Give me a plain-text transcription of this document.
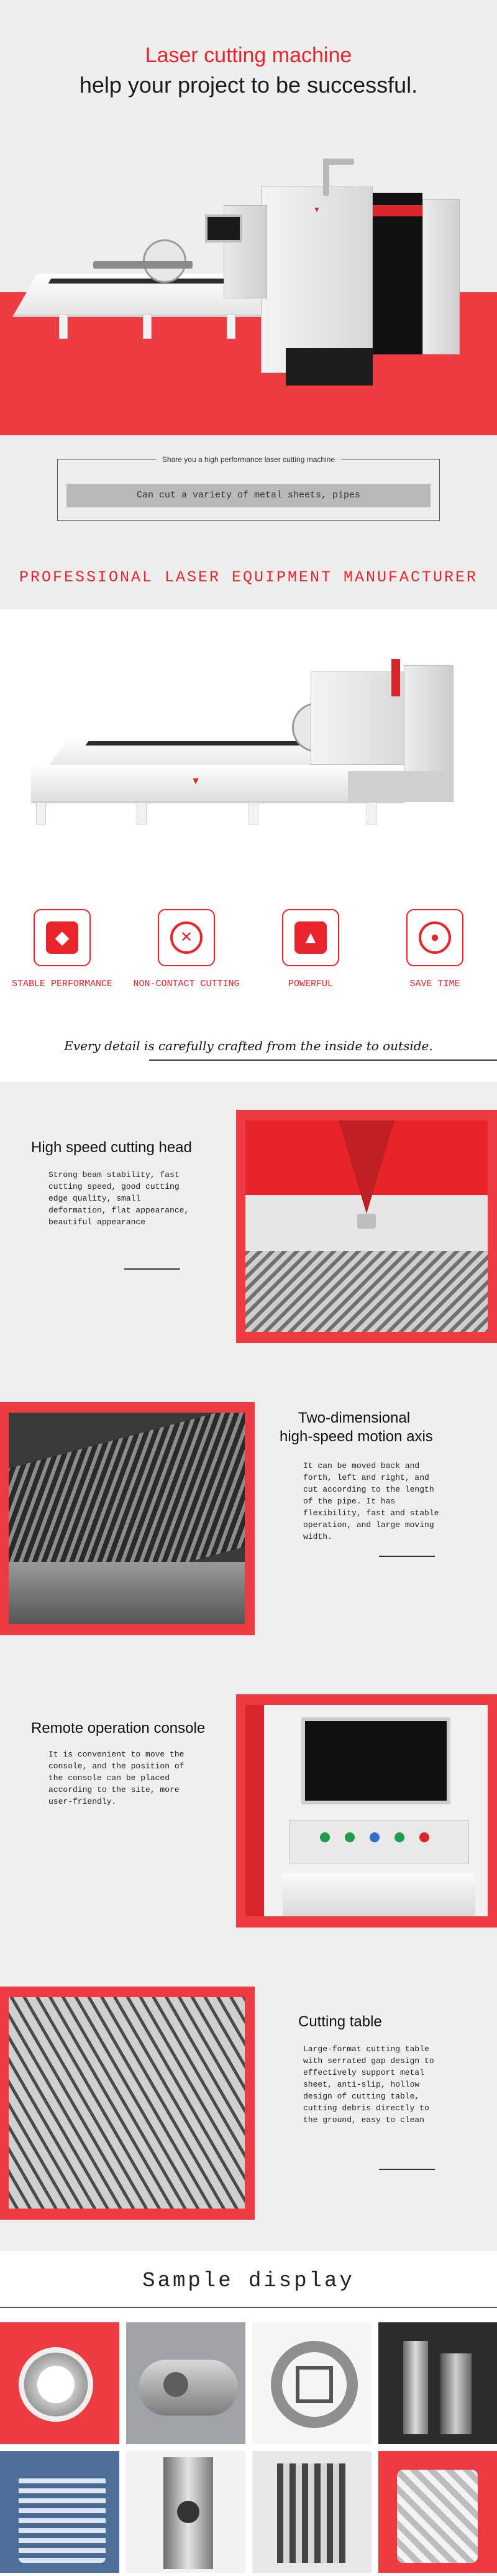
Laser cutting machine
help your project to be successful.
▼
Share you a high performance laser cutting machine
Can cut a variety of metal sheets, pipes
PROFESSIONAL LASER EQUIPMENT MANUFACTURER
▼
◆
STABLE PERFORMANCE
✕
NON-CONTACT CUTTING
▲
POWERFUL
●
SAVE TIME
Every detail is carefully crafted from the inside to outside.
High speed cutting head
Strong beam stability, fast cutting speed, good cutting edge quality, small deformation, flat appearance, beautiful appearance
Two-dimensional
high-speed motion axis
It can be moved back and forth, left and right, and cut according to the length of the pipe. It has flexibility, fast and stable operation, and large moving width.
Remote operation console
It is convenient to move the console, and the position of the console can be placed according to the site, more user-friendly.
Cutting table
Large-format cutting table with serrated gap design to effectively support metal sheet, anti-slip, hollow design of cutting table, cutting debris directly to the ground, easy to clean
Sample display
